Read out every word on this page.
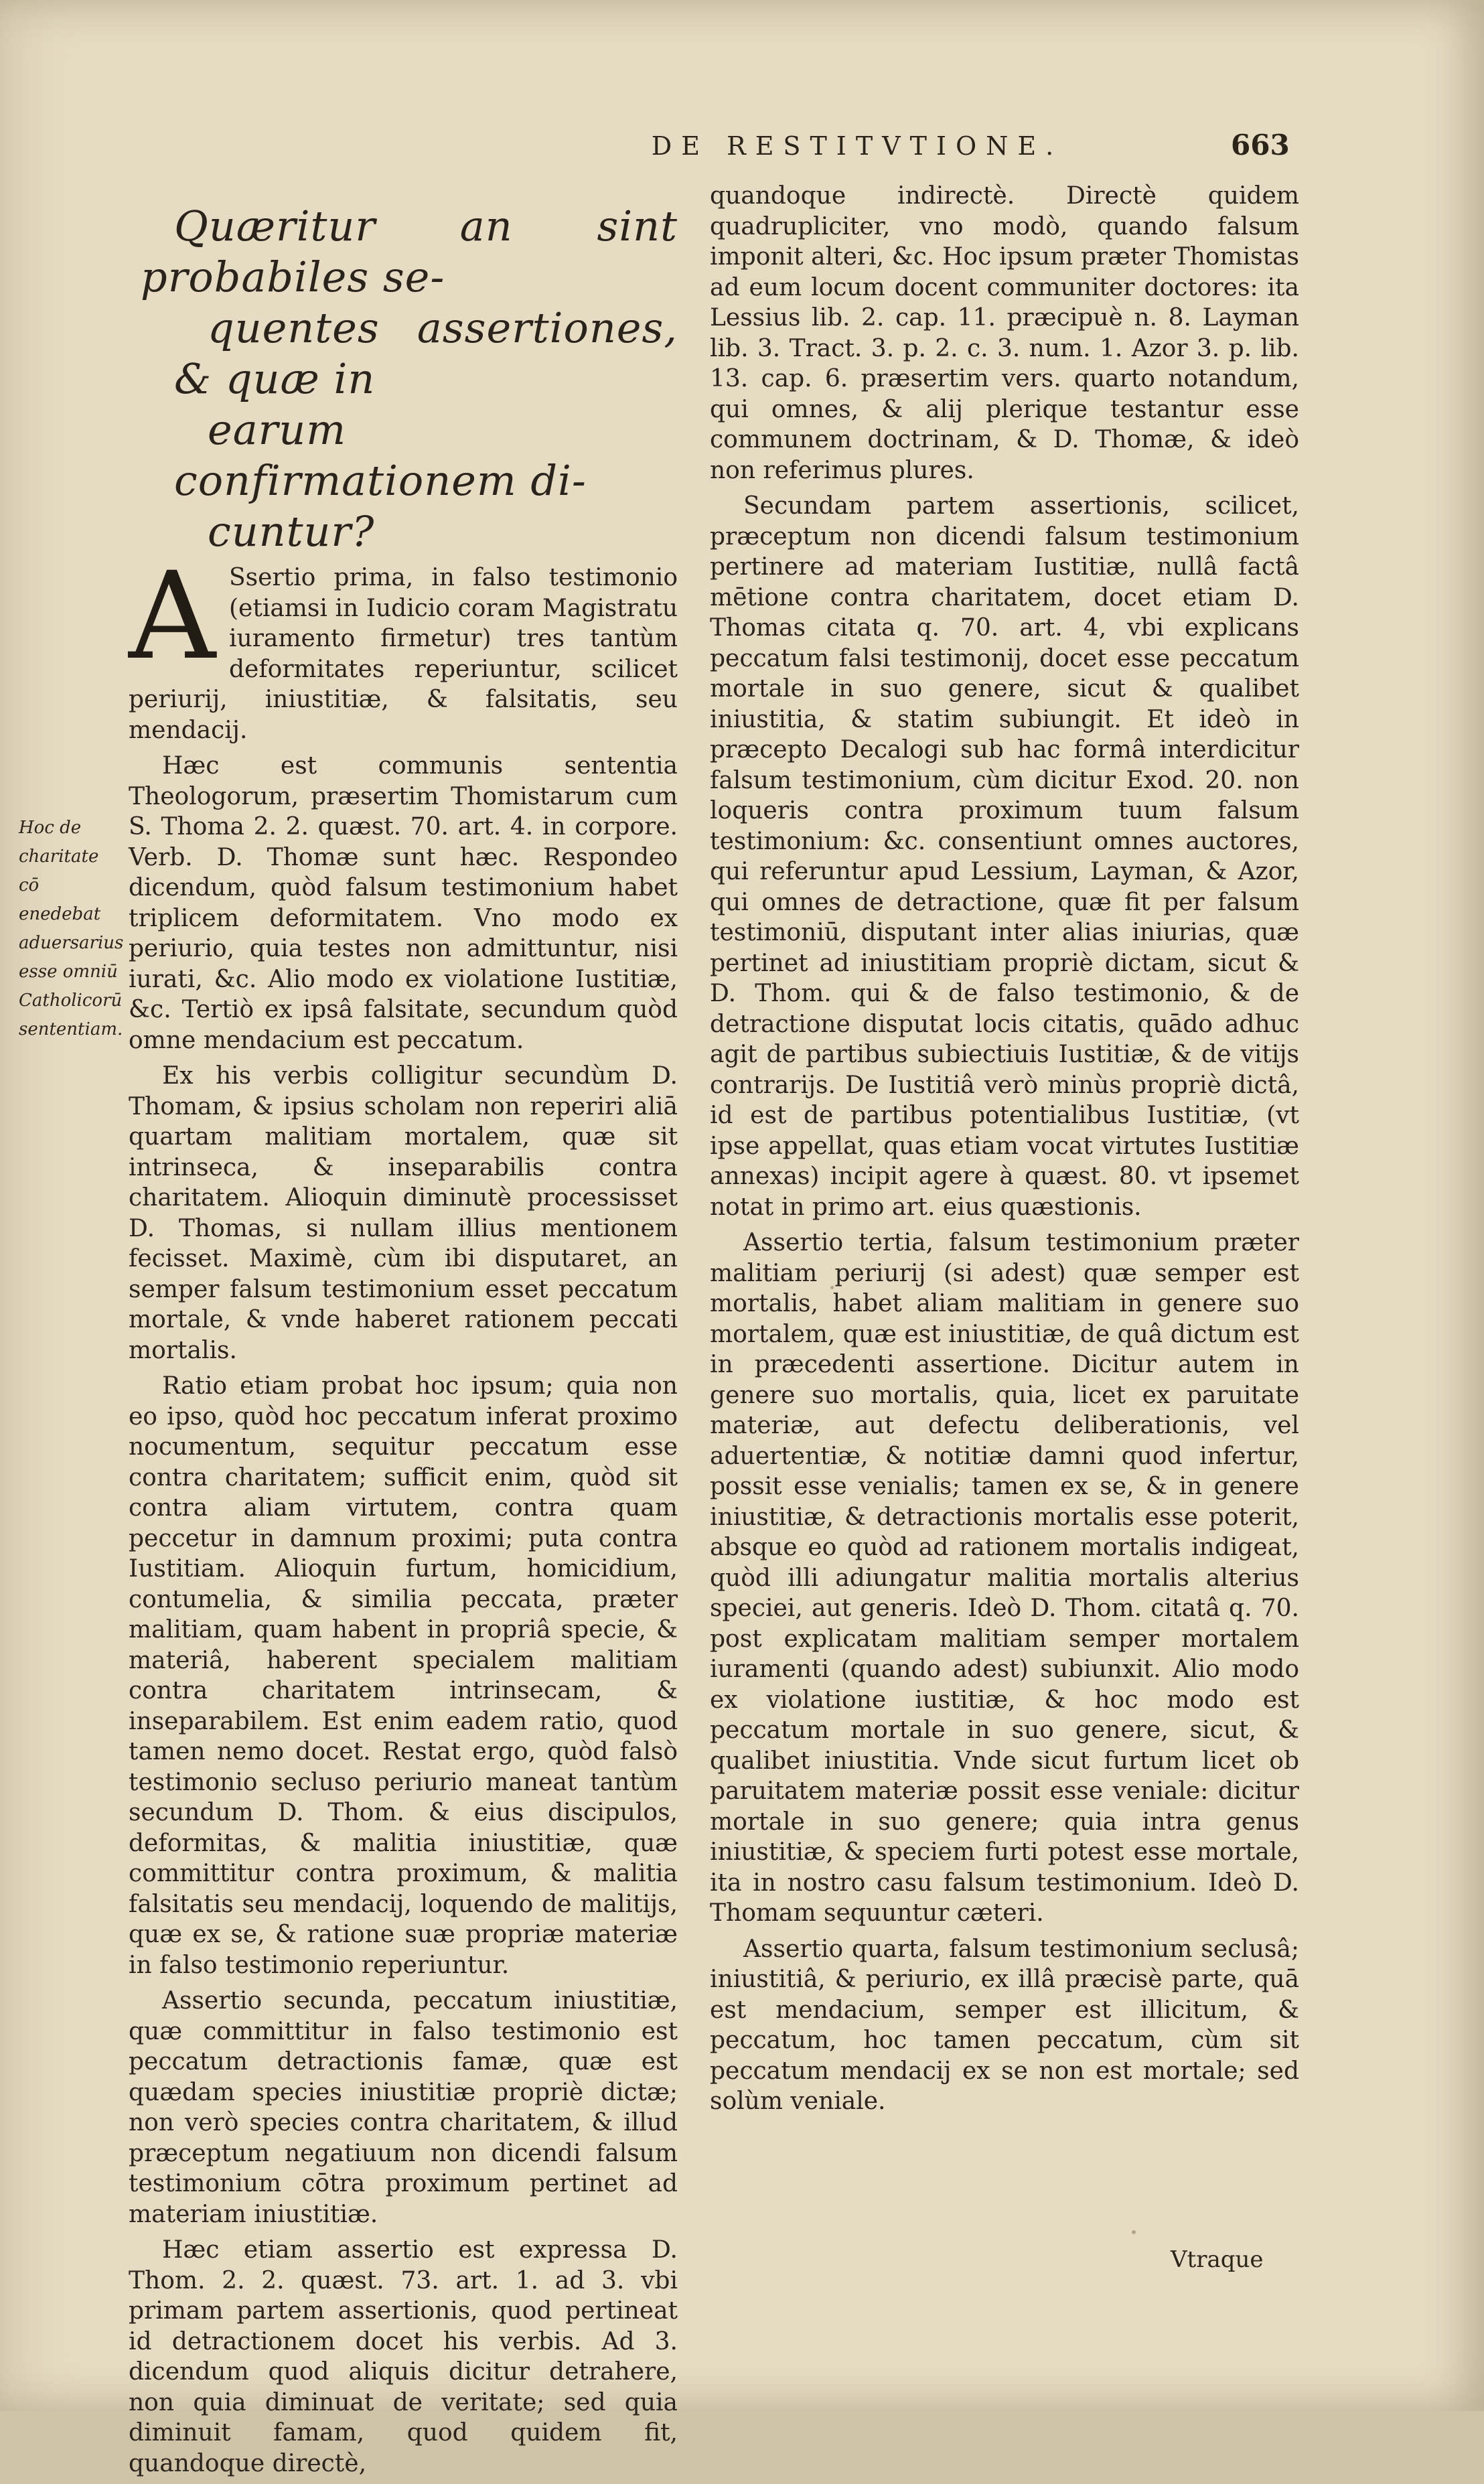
DE RESTITVTIONE.	663

Quæritur an sint probabiles se-
quentes assertiones, & quæ in
earum confirmationem di-
cuntur?

A Ssertio prima, in falso testimonio (etiamsi in Iudicio coram Magistratu iuramento firmetur) tres tantùm deformitates reperiuntur, scilicet periurij, iniustitiæ, & falsitatis, seu mendacij.

Hæc est communis sententia Theologorum, præsertim Thomistarum cum S. Thoma 2. 2. quæst. 70. art. 4. in corpore. Verb. D. Thomæ sunt hæc. Respondeo dicendum, quòd falsum testimonium habet triplicem deformitatem. Vno modo ex periurio, quia testes non admittuntur, nisi iurati, &c. Alio modo ex violatione Iustitiæ, &c. Tertiò ex ipsâ falsitate, secundum quòd omne mendacium est peccatum.

Ex his verbis colligitur secundùm D. Thomam, & ipsius scholam non reperiri aliā quartam malitiam mortalem, quæ sit intrinseca, & inseparabilis contra charitatem. Alioquin diminutè processisset D. Thomas, si nullam illius mentionem fecisset. Maximè, cùm ibi disputaret, an semper falsum testimonium esset peccatum mortale, & vnde haberet rationem peccati mortalis.

Ratio etiam probat hoc ipsum; quia non eo ipso, quòd hoc peccatum inferat proximo nocumentum, sequitur peccatum esse contra charitatem; sufficit enim, quòd sit contra aliam virtutem, contra quam peccetur in damnum proximi; puta contra Iustitiam. Alioquin furtum, homicidium, contumelia, & similia peccata, præter malitiam, quam habent in propriâ specie, & materiâ, haberent specialem malitiam contra charitatem intrinsecam, & inseparabilem. Est enim eadem ratio, quod tamen nemo docet. Restat ergo, quòd falsò testimonio secluso periurio maneat tantùm secundum D. Thom. & eius discipulos, deformitas, & malitia iniustitiæ, quæ committitur contra proximum, & malitia falsitatis seu mendacij, loquendo de malitijs, quæ ex se, & ratione suæ propriæ materiæ in falso testimonio reperiuntur.

Assertio secunda, peccatum iniustitiæ, quæ committitur in falso testimonio est peccatum detractionis famæ, quæ est quædam species iniustitiæ propriè dictæ; non verò species contra charitatem, & illud præceptum negatiuum non dicendi falsum testimonium cōtra proximum pertinet ad materiam iniustitiæ.

Hæc etiam assertio est expressa D. Thom. 2. 2. quæst. 73. art. 1. ad 3. vbi primam partem assertionis, quod pertineat id detractionem docet his verbis. Ad 3. dicendum quod aliquis dicitur detrahere, non quia diminuat de veritate; sed quia diminuit famam, quod quidem fit, quandoque directè,

Hoc de charitate cō enedebat aduersarius esse omniū Catholicorū sententiam.

quandoque indirectè. Directè quidem quadrupliciter, vno modò, quando falsum imponit alteri, &c. Hoc ipsum præter Thomistas ad eum locum docent communiter doctores: ita Lessius lib. 2. cap. 11. præcipuè n. 8. Layman lib. 3. Tract. 3. p. 2. c. 3. num. 1. Azor 3. p. lib. 13. cap. 6. præsertim vers. quarto notandum, qui omnes, & alij plerique testantur esse communem doctrinam, & D. Thomæ, & ideò non referimus plures.

Secundam partem assertionis, scilicet, præceptum non dicendi falsum testimonium pertinere ad materiam Iustitiæ, nullâ factâ mētione contra charitatem, docet etiam D. Thomas citata q. 70. art. 4, vbi explicans peccatum falsi testimonij, docet esse peccatum mortale in suo genere, sicut & qualibet iniustitia, & statim subiungit. Et ideò in præcepto Decalogi sub hac formâ interdicitur falsum testimonium, cùm dicitur Exod. 20. non loqueris contra proximum tuum falsum testimonium: &c. consentiunt omnes auctores, qui referuntur apud Lessium, Layman, & Azor, qui omnes de detractione, quæ fit per falsum testimoniū, disputant inter alias iniurias, quæ pertinet ad iniustitiam propriè dictam, sicut & D. Thom. qui & de falso testimonio, & de detractione disputat locis citatis, quādo adhuc agit de partibus subiectiuis Iustitiæ, & de vitijs contrarijs. De Iustitiâ verò minùs propriè dictâ, id est de partibus potentialibus Iustitiæ, (vt ipse appellat, quas etiam vocat virtutes Iustitiæ annexas) incipit agere à quæst. 80. vt ipsemet notat in primo art. eius quæstionis.

Assertio tertia, falsum testimonium præter malitiam periurij (si adest) quæ semper est mortalis, habet aliam malitiam in genere suo mortalem, quæ est iniustitiæ, de quâ dictum est in præcedenti assertione. Dicitur autem in genere suo mortalis, quia, licet ex paruitate materiæ, aut defectu deliberationis, vel aduertentiæ, & notitiæ damni quod infertur, possit esse venialis; tamen ex se, & in genere iniustitiæ, & detractionis mortalis esse poterit, absque eo quòd ad rationem mortalis indigeat, quòd illi adiungatur malitia mortalis alterius speciei, aut generis. Ideò D. Thom. citatâ q. 70. post explicatam malitiam semper mortalem iuramenti (quando adest) subiunxit. Alio modo ex violatione iustitiæ, & hoc modo est peccatum mortale in suo genere, sicut, & qualibet iniustitia. Vnde sicut furtum licet ob paruitatem materiæ possit esse veniale: dicitur mortale in suo genere; quia intra genus iniustitiæ, & speciem furti potest esse mortale, ita in nostro casu falsum testimonium. Ideò D. Thomam sequuntur cæteri.

Assertio quarta, falsum testimonium seclusâ; iniustitiâ, & periurio, ex illâ præcisè parte, quā est mendacium, semper est illicitum, & peccatum, hoc tamen peccatum, cùm sit peccatum mendacij ex se non est mortale; sed solùm veniale.

Vtraque
